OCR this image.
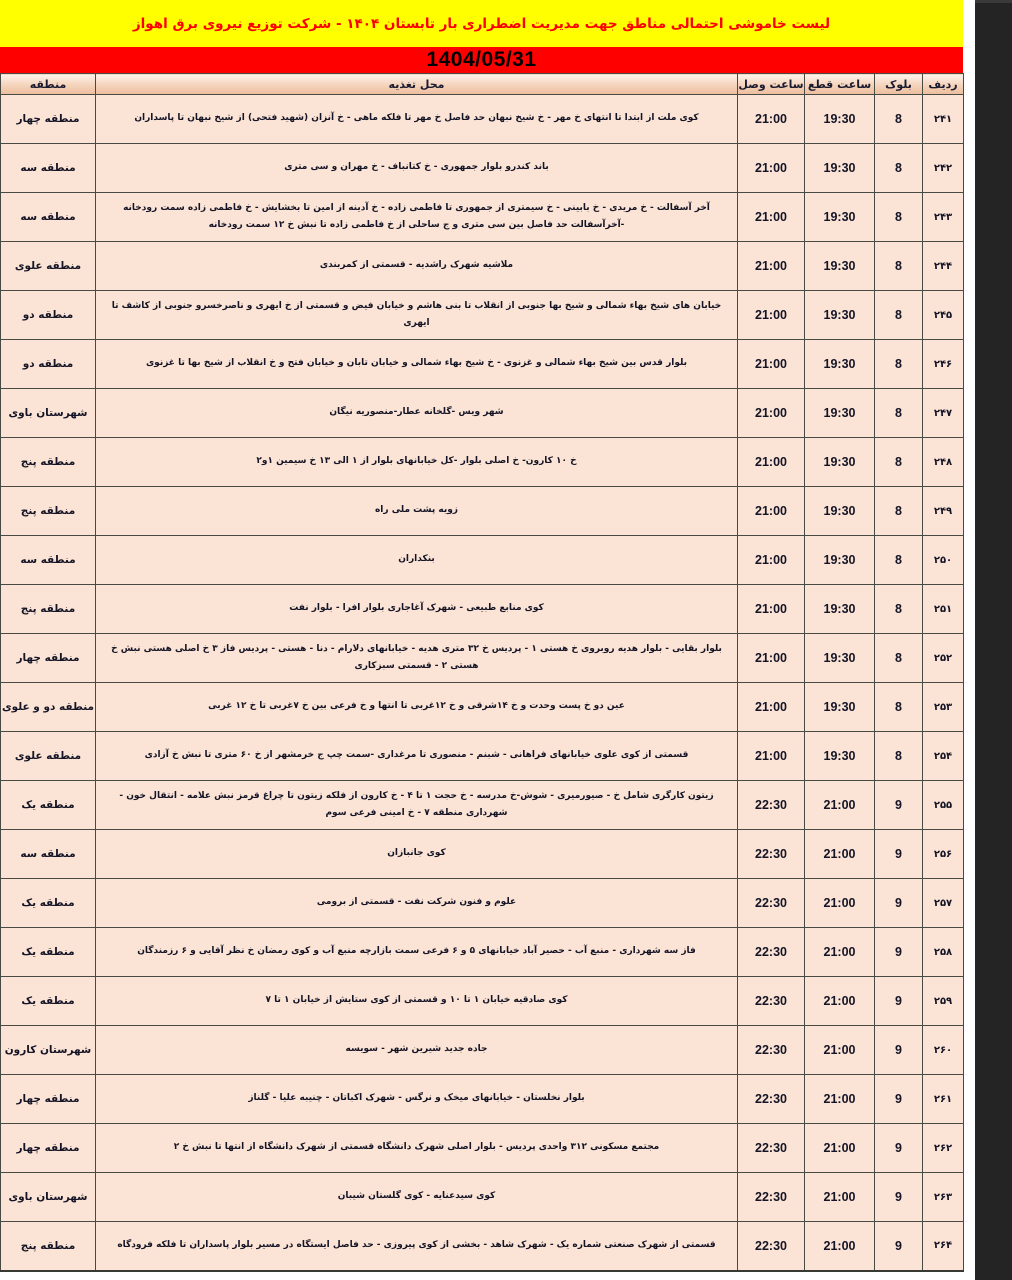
لیست خاموشی احتمالی مناطق جهت مدیریت اضطراری بار تابستان ۱۴۰۴ - شرکت توزیع نیروی برق اهواز
1404/05/31
ردیف	بلوک	ساعت قطع	ساعت وصل	محل تغذیه	منطقه
۲۴۱	8	19:30	21:00	کوی ملت از ابتدا تا انتهای خ مهر - خ شیخ نبهان حد فاصل خ مهر تا فلکه ماهی - خ آنزان (شهید فتحی) از شیخ نبهان تا پاسداران	منطقه چهار
۲۴۲	8	19:30	21:00	باند کندرو بلوار جمهوری - خ کتانباف - خ مهران و سی متری	منطقه سه
۲۴۳	8	19:30	21:00	آخر آسفالت - خ مریدی - خ بابینی - خ سیمتری از جمهوری تا فاطمی زاده - خ آدینه از امین تا بخشایش - خ فاطمی زاده سمت رودخانه -آخرآسفالت حد فاصل بین سی متری و ج ساحلی از خ فاطمی زاده تا نبش خ ۱۲ سمت رودخانه	منطقه سه
۲۴۴	8	19:30	21:00	ملاشیه شهرک راشدیه - قسمتی از کمربندی	منطقه علوی
۲۴۵	8	19:30	21:00	خیابان های شیخ بهاء شمالی و شیخ بها جنوبی از انقلاب تا بنی هاشم و خیابان فیض و قسمتی از خ ایهری و ناصرخسرو جنوبی از کاشف تا ایهری	منطقه دو
۲۴۶	8	19:30	21:00	بلوار قدس بین شیخ بهاء شمالی و غزنوی - خ شیخ بهاء شمالی و خیابان تابان و خیابان فتح و خ انقلاب از شیخ بها تا غزنوی	منطقه دو
۲۴۷	8	19:30	21:00	شهر ویس -گلخانه عطار-منصوریه نیگان	شهرستان باوی
۲۴۸	8	19:30	21:00	خ ۱۰ کارون- خ اصلی بلوار -کل خیابانهای بلوار از ۱ الی ۱۳ خ سیمین ۱و۲	منطقه پنج
۲۴۹	8	19:30	21:00	زویه پشت ملی راه	منطقه پنج
۲۵۰	8	19:30	21:00	بنکداران	منطقه سه
۲۵۱	8	19:30	21:00	کوی منابع طبیعی - شهرک آغاجاری بلوار افرا - بلوار نفت	منطقه پنج
۲۵۲	8	19:30	21:00	بلوار بقایی - بلوار هدیه روبروی خ هستی ۱ - پردیس خ ۳۲ متری هدیه - خیابانهای دلارام - دنا - هستی - پردیس فاز ۳ خ اصلی هستی نبش خ هستی ۲ - قسمتی سبزکاری	منطقه چهار
۲۵۳	8	19:30	21:00	عین دو خ پست وحدت و خ ۱۴شرقی و خ ۱۲غربی تا انتها و خ فرعی بین خ ۷غربی تا خ ۱۲ غربی	منطقه دو و علوی
۲۵۴	8	19:30	21:00	قسمتی از کوی علوی خیابانهای فراهانی - شبنم - منصوری تا مرغداری -سمت چپ ج خرمشهر از خ ۶۰ متری تا نبش خ آزادی	منطقه علوی
۲۵۵	9	21:00	22:30	زیتون کارگری شامل خ - صیورمیری - شوش-خ مدرسه - خ حجت ۱ تا ۴ - خ کارون از فلکه زیتون تا چراغ قرمز نبش علامه - انتقال خون - شهرداری منطقه ۷ - خ امینی فرعی سوم	منطقه یک
۲۵۶	9	21:00	22:30	کوی جانبازان	منطقه سه
۲۵۷	9	21:00	22:30	علوم و فنون شرکت نفت - قسمتی از برومی	منطقه یک
۲۵۸	9	21:00	22:30	فاز سه شهرداری - منبع آب - حصیر آباد خیابانهای ۵ و ۶ فرعی سمت بازارچه منبع آب و کوی رمضان خ نظر آقایی و ۶ رزمندگان	منطقه یک
۲۵۹	9	21:00	22:30	کوی صادقیه خیابان ۱ تا ۱۰ و قسمتی از کوی ستایش از خیابان ۱ تا ۷	منطقه یک
۲۶۰	9	21:00	22:30	جاده جدید شیرین شهر - سویسه	شهرستان کارون
۲۶۱	9	21:00	22:30	بلوار نخلستان - خیابانهای میخک و نرگس - شهرک اکباتان - چنیبه علیا - گلناز	منطقه چهار
۲۶۲	9	21:00	22:30	مجتمع مسکونی ۳۱۲ واحدی پردیس - بلوار اصلی شهرک دانشگاه قسمتی از شهرک دانشگاه از انتها تا نبش خ ۲	منطقه چهار
۲۶۳	9	21:00	22:30	کوی سیدعنایه - کوی گلستان شیبان	شهرستان باوی
۲۶۴	9	21:00	22:30	قسمتی از شهرک صنعتی شماره یک - شهرک شاهد - بخشی از کوی پیروزی - حد فاصل ایستگاه در مسیر بلوار پاسداران تا فلکه فرودگاه	منطقه پنج
